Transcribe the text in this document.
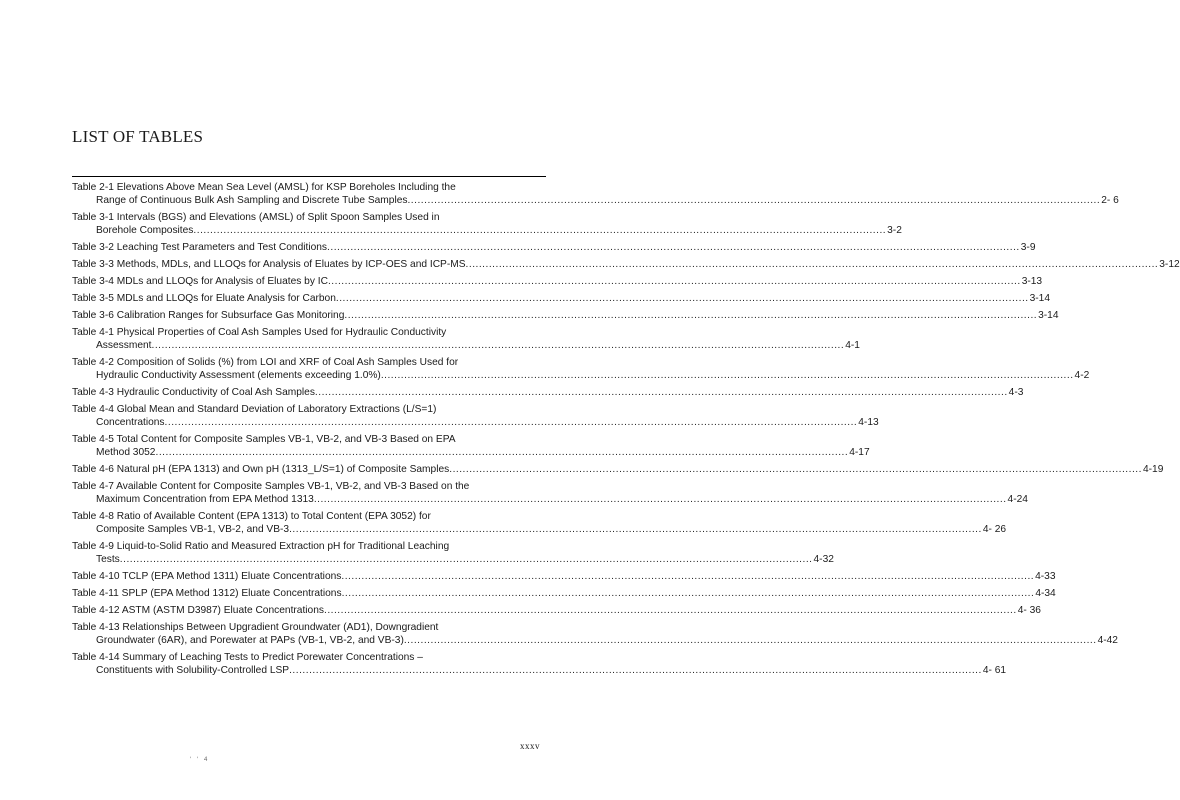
LIST OF TABLES
Table 2-1 Elevations Above Mean Sea Level (AMSL) for KSP Boreholes Including the
Range of Continuous Bulk Ash Sampling and Discrete Tube Samples .....	2- 6
Table 3-1 Intervals (BGS) and Elevations (AMSL) of Split Spoon Samples Used in
Borehole Composites .....	3-2
Table 3-2 Leaching Test Parameters and Test Conditions .....	3-9
Table 3-3 Methods, MDLs, and LLOQs for Analysis of Eluates by ICP-OES and ICP-MS .....	3-12
Table 3-4 MDLs and LLOQs for Analysis of Eluates by IC .....	3-13
Table 3-5 MDLs and LLOQs for Eluate Analysis for Carbon .....	3-14
Table 3-6 Calibration Ranges for Subsurface Gas Monitoring .....	3-14
Table 4-1 Physical Properties of Coal Ash Samples Used for Hydraulic Conductivity
Assessment .....	4-1
Table 4-2 Composition of Solids (%) from LOI and XRF of Coal Ash Samples Used for
Hydraulic Conductivity Assessment (elements exceeding 1.0%) .....	4-2
Table 4-3 Hydraulic Conductivity of Coal Ash Samples .....	4-3
Table 4-4 Global Mean and Standard Deviation of Laboratory Extractions (L/S=1)
Concentrations .....	4-13
Table 4-5 Total Content for Composite Samples VB-1, VB-2, and VB-3 Based on EPA
Method 3052 .....	4-17
Table 4-6 Natural pH (EPA 1313) and Own pH (1313_L/S=1) of Composite Samples .....	4-19
Table 4-7 Available Content for Composite Samples VB-1, VB-2, and VB-3 Based on the
Maximum Concentration from EPA Method 1313 .....	4-24
Table 4-8 Ratio of Available Content (EPA 1313) to Total Content (EPA 3052) for
Composite Samples VB-1, VB-2, and VB-3 .....	4- 26
Table 4-9 Liquid-to-Solid Ratio and Measured Extraction pH for Traditional Leaching
Tests .....	4-32
Table 4-10 TCLP (EPA Method 1311) Eluate Concentrations .....	4-33
Table 4-11 SPLP (EPA Method 1312) Eluate Concentrations .....	4-34
Table 4-12 ASTM (ASTM D3987) Eluate Concentrations .....	4- 36
Table 4-13 Relationships Between Upgradient Groundwater (AD1), Downgradient
Groundwater (6AR), and Porewater at PAPs (VB-1, VB-2, and VB-3) .....	4-42
Table 4-14 Summary of Leaching Tests to Predict Porewater Concentrations –
Constituents with Solubility-Controlled LSP .....	4- 61
xxxv
‘ ‘ 4
